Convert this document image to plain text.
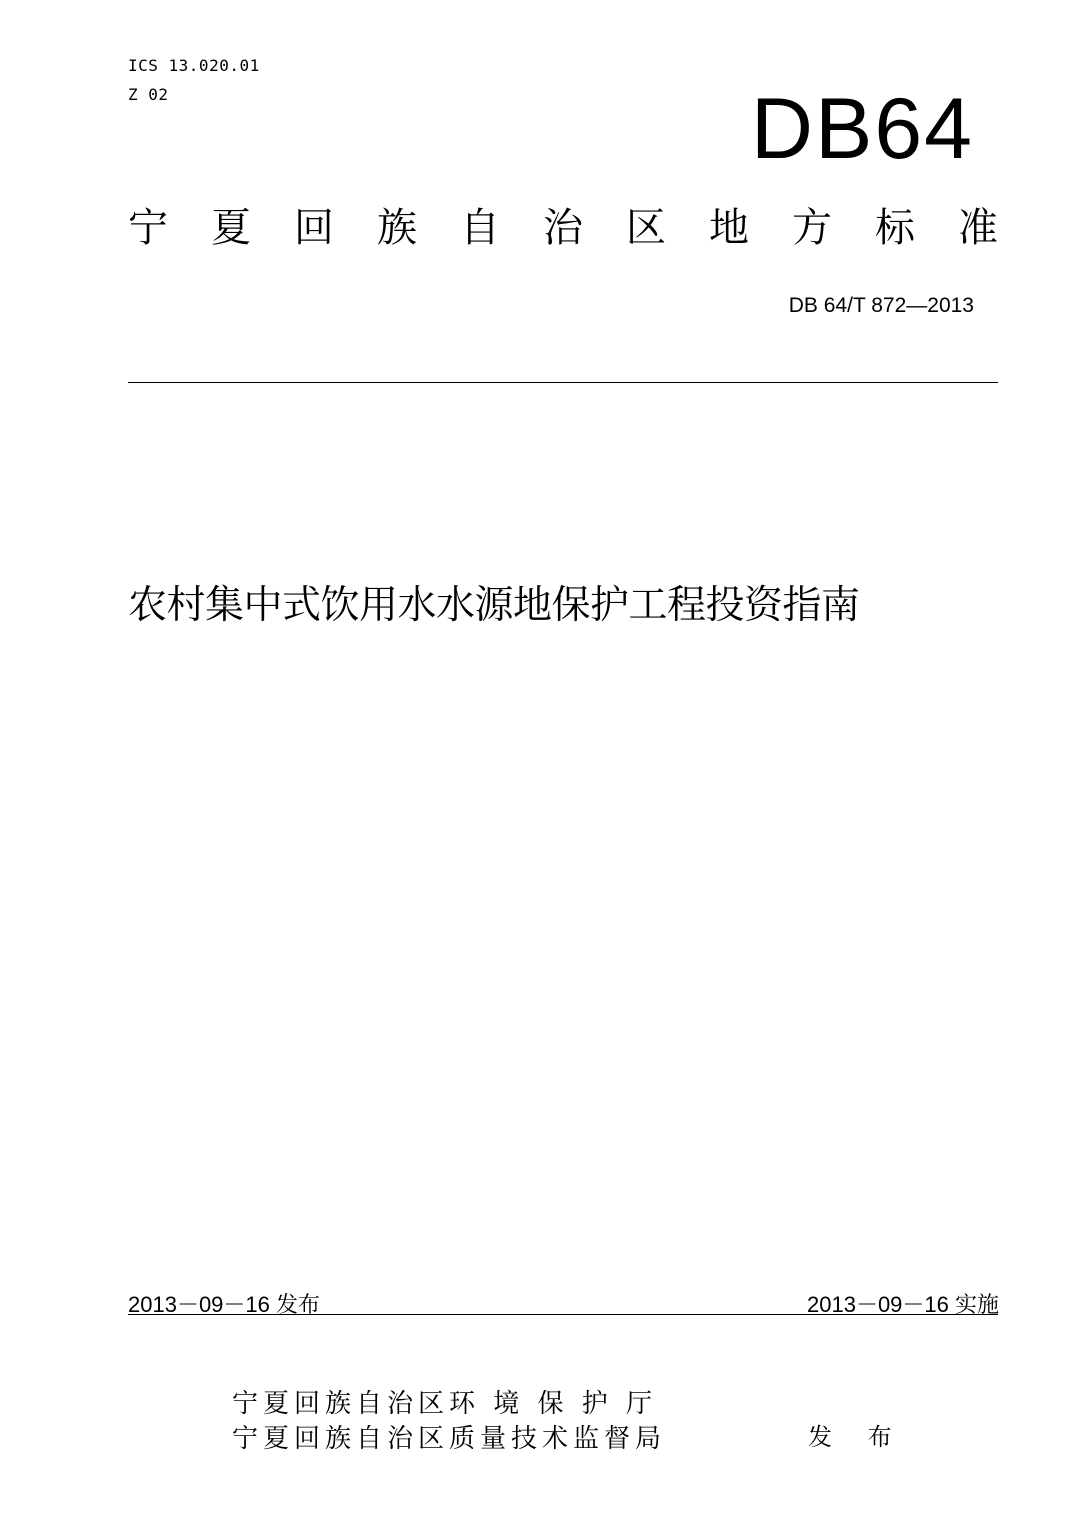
ICS 13.020.01
Z 02	DB64
宁 夏 回 族 自 治 区 地 方 标 准
DB 64/T 872—2013
农村集中式饮用水水源地保护工程投资指南
2013－09－16 发布	2013－09－16 实施
宁夏回族自治区环 境 保 护 厅
宁夏回族自治区质量技术监督局	发 布
